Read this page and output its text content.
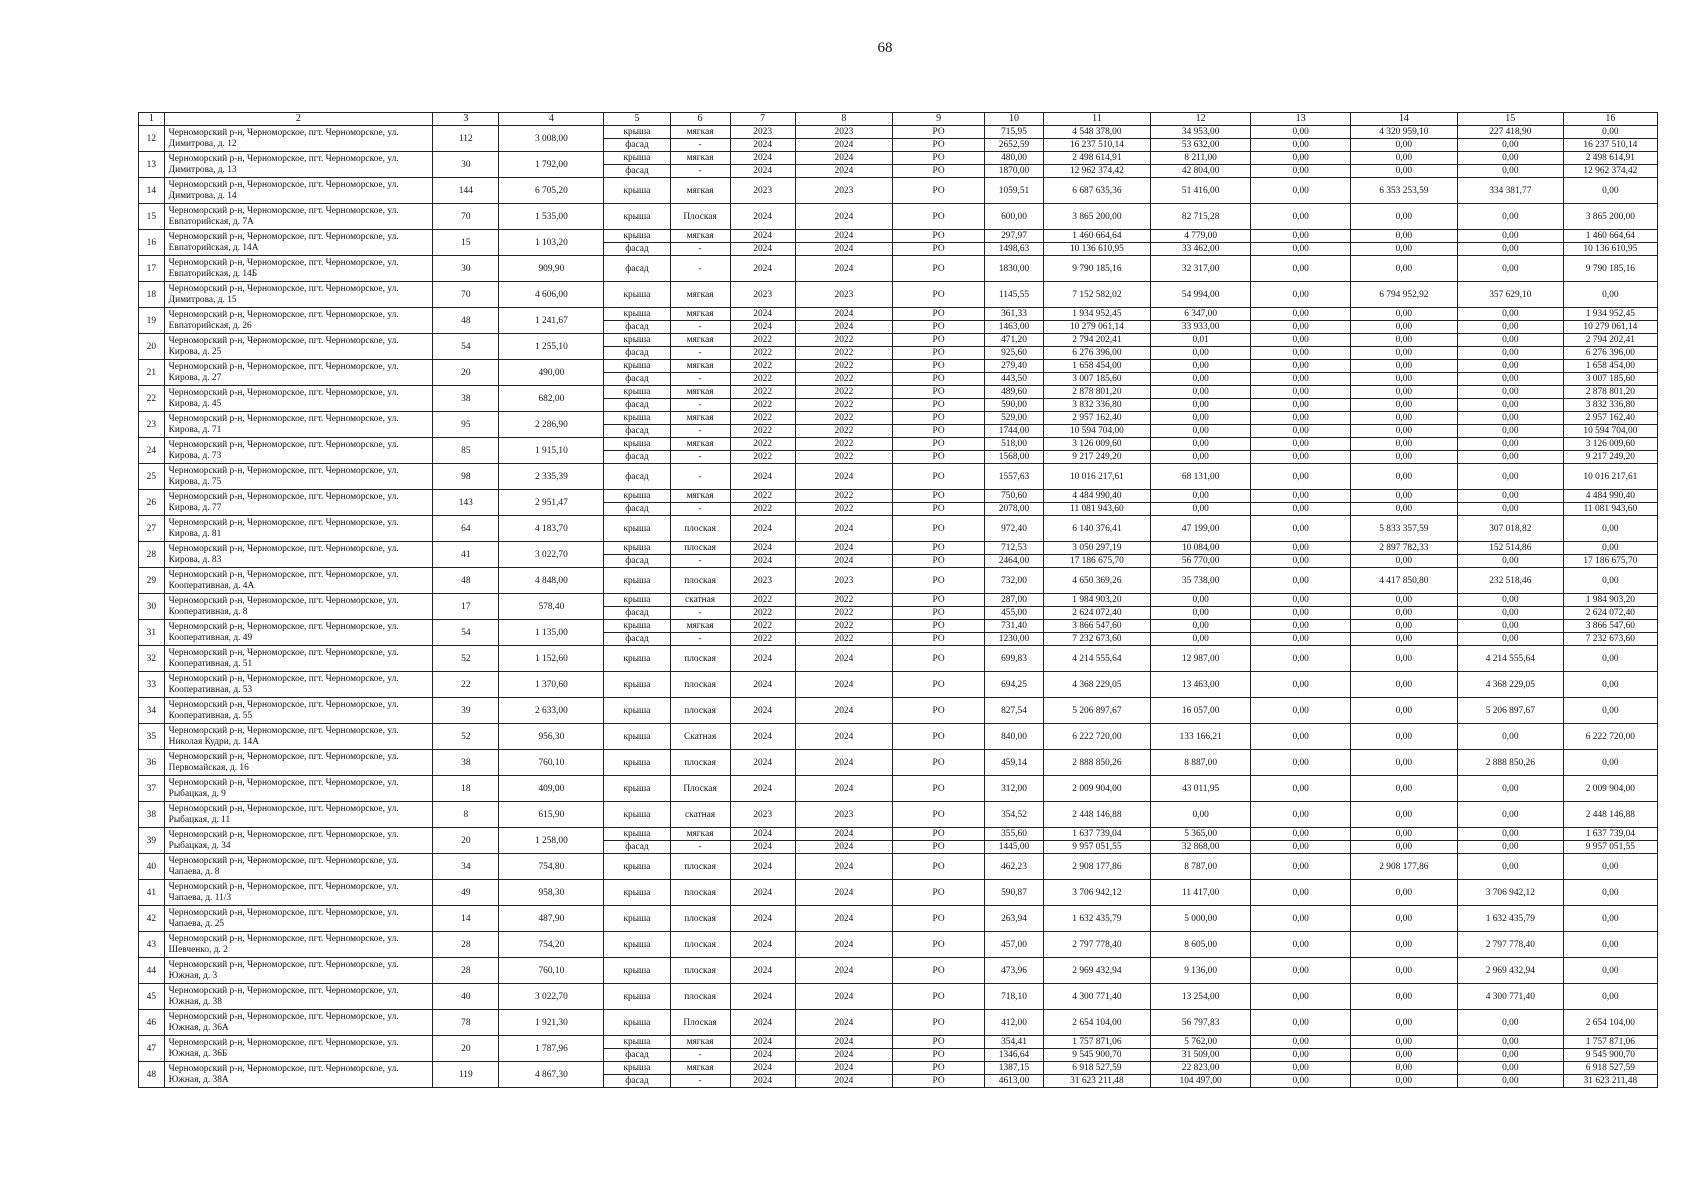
68
1	2	3	4	5	6	7	8	9	10	11	12	13	14	15	16
12	Черноморский р-н, Черноморское, пгт. Черноморское, ул. Димитрова, д. 12	112	3 008,00	крыша	мягкая	2023	2023	РО	715,95	4 548 378,00	34 953,00	0,00	4 320 959,10	227 418,90	0,00
				фасад	-	2024	2024	РО	2652,59	16 237 510,14	53 632,00	0,00	0,00	0,00	16 237 510,14
13	Черноморский р-н, Черноморское, пгт. Черноморское, ул. Димитрова, д. 13	30	1 792,00	крыша	мягкая	2024	2024	РО	480,00	2 498 614,91	8 211,00	0,00	0,00	0,00	2 498 614,91
				фасад	-	2024	2024	РО	1870,00	12 962 374,42	42 804,00	0,00	0,00	0,00	12 962 374,42
14	Черноморский р-н, Черноморское, пгт. Черноморское, ул. Димитрова, д. 14	144	6 705,20	крыша	мягкая	2023	2023	РО	1059,51	6 687 635,36	51 416,00	0,00	6 353 253,59	334 381,77	0,00
15	Черноморский р-н, Черноморское, пгт. Черноморское, ул. Евпаторийская, д. 7А	70	1 535,00	крыша	Плоская	2024	2024	РО	600,00	3 865 200,00	82 715,28	0,00	0,00	0,00	3 865 200,00
16	Черноморский р-н, Черноморское, пгт. Черноморское, ул. Евпаторийская, д. 14А	15	1 103,20	крыша	мягкая	2024	2024	РО	297,97	1 460 664,64	4 779,00	0,00	0,00	0,00	1 460 664,64
				фасад	-	2024	2024	РО	1498,63	10 136 610,95	33 462,00	0,00	0,00	0,00	10 136 610,95
17	Черноморский р-н, Черноморское, пгт. Черноморское, ул. Евпаторийская, д. 14Б	30	909,90	фасад	-	2024	2024	РО	1830,00	9 790 185,16	32 317,00	0,00	0,00	0,00	9 790 185,16
18	Черноморский р-н, Черноморское, пгт. Черноморское, ул. Димитрова, д. 15	70	4 606,00	крыша	мягкая	2023	2023	РО	1145,55	7 152 582,02	54 994,00	0,00	6 794 952,92	357 629,10	0,00
19	Черноморский р-н, Черноморское, пгт. Черноморское, ул. Евпаторийская, д. 26	48	1 241,67	крыша	мягкая	2024	2024	РО	361,33	1 934 952,45	6 347,00	0,00	0,00	0,00	1 934 952,45
				фасад	-	2024	2024	РО	1463,00	10 279 061,14	33 933,00	0,00	0,00	0,00	10 279 061,14
20	Черноморский р-н, Черноморское, пгт. Черноморское, ул. Кирова, д. 25	54	1 255,10	крыша	мягкая	2022	2022	РО	471,20	2 794 202,41	0,01	0,00	0,00	0,00	2 794 202,41
				фасад	-	2022	2022	РО	925,60	6 276 396,00	0,00	0,00	0,00	0,00	6 276 396,00
21	Черноморский р-н, Черноморское, пгт. Черноморское, ул. Кирова, д. 27	20	490,00	крыша	мягкая	2022	2022	РО	279,40	1 658 454,00	0,00	0,00	0,00	0,00	1 658 454,00
				фасад	-	2022	2022	РО	443,50	3 007 185,60	0,00	0,00	0,00	0,00	3 007 185,60
22	Черноморский р-н, Черноморское, пгт. Черноморское, ул. Кирова, д. 45	38	682,00	крыша	мягкая	2022	2022	РО	489,60	2 878 801,20	0,00	0,00	0,00	0,00	2 878 801,20
				фасад	-	2022	2022	РО	590,00	3 832 336,80	0,00	0,00	0,00	0,00	3 832 336,80
23	Черноморский р-н, Черноморское, пгт. Черноморское, ул. Кирова, д. 71	95	2 286,90	крыша	мягкая	2022	2022	РО	529,00	2 957 162,40	0,00	0,00	0,00	0,00	2 957 162,40
				фасад	-	2022	2022	РО	1744,00	10 594 704,00	0,00	0,00	0,00	0,00	10 594 704,00
24	Черноморский р-н, Черноморское, пгт. Черноморское, ул. Кирова, д. 73	85	1 915,10	крыша	мягкая	2022	2022	РО	518,00	3 126 009,60	0,00	0,00	0,00	0,00	3 126 009,60
				фасад	-	2022	2022	РО	1568,00	9 217 249,20	0,00	0,00	0,00	0,00	9 217 249,20
25	Черноморский р-н, Черноморское, пгт. Черноморское, ул. Кирова, д. 75	98	2 335,39	фасад	-	2024	2024	РО	1557,63	10 016 217,61	68 131,00	0,00	0,00	0,00	10 016 217,61
26	Черноморский р-н, Черноморское, пгт. Черноморское, ул. Кирова, д. 77	143	2 951,47	крыша	мягкая	2022	2022	РО	750,60	4 484 990,40	0,00	0,00	0,00	0,00	4 484 990,40
				фасад	-	2022	2022	РО	2078,00	11 081 943,60	0,00	0,00	0,00	0,00	11 081 943,60
27	Черноморский р-н, Черноморское, пгт. Черноморское, ул. Кирова, д. 81	64	4 183,70	крыша	плоская	2024	2024	РО	972,40	6 140 376,41	47 199,00	0,00	5 833 357,59	307 018,82	0,00
28	Черноморский р-н, Черноморское, пгт. Черноморское, ул. Кирова, д. 83	41	3 022,70	крыша	плоская	2024	2024	РО	712,53	3 050 297,19	10 084,00	0,00	2 897 782,33	152 514,86	0,00
				фасад	-	2024	2024	РО	2464,00	17 186 675,70	56 770,00	0,00	0,00	0,00	17 186 675,70
29	Черноморский р-н, Черноморское, пгт. Черноморское, ул. Кооперативная, д. 4А	48	4 848,00	крыша	плоская	2023	2023	РО	732,00	4 650 369,26	35 738,00	0,00	4 417 850,80	232 518,46	0,00
30	Черноморский р-н, Черноморское, пгт. Черноморское, ул. Кооперативная, д. 8	17	578,40	крыша	скатная	2022	2022	РО	287,00	1 984 903,20	0,00	0,00	0,00	0,00	1 984 903,20
				фасад	-	2022	2022	РО	455,00	2 624 072,40	0,00	0,00	0,00	0,00	2 624 072,40
31	Черноморский р-н, Черноморское, пгт. Черноморское, ул. Кооперативная, д. 49	54	1 135,00	крыша	мягкая	2022	2022	РО	731,40	3 866 547,60	0,00	0,00	0,00	0,00	3 866 547,60
				фасад	-	2022	2022	РО	1230,00	7 232 673,60	0,00	0,00	0,00	0,00	7 232 673,60
32	Черноморский р-н, Черноморское, пгт. Черноморское, ул. Кооперативная, д. 51	52	1 152,60	крыша	плоская	2024	2024	РО	699,83	4 214 555,64	12 987,00	0,00	0,00	4 214 555,64	0,00
33	Черноморский р-н, Черноморское, пгт. Черноморское, ул. Кооперативная, д. 53	22	1 370,60	крыша	плоская	2024	2024	РО	694,25	4 368 229,05	13 463,00	0,00	0,00	4 368 229,05	0,00
34	Черноморский р-н, Черноморское, пгт. Черноморское, ул. Кооперативная, д. 55	39	2 633,00	крыша	плоская	2024	2024	РО	827,54	5 206 897,67	16 057,00	0,00	0,00	5 206 897,67	0,00
35	Черноморский р-н, Черноморское, пгт. Черноморское, ул. Николая Кудри, д. 14А	52	956,30	крыша	Скатная	2024	2024	РО	840,00	6 222 720,00	133 166,21	0,00	0,00	0,00	6 222 720,00
36	Черноморский р-н, Черноморское, пгт. Черноморское, ул. Первомайская, д. 16	38	760,10	крыша	плоская	2024	2024	РО	459,14	2 888 850,26	8 887,00	0,00	0,00	2 888 850,26	0,00
37	Черноморский р-н, Черноморское, пгт. Черноморское, ул. Рыбацкая, д. 9	18	409,00	крыша	Плоская	2024	2024	РО	312,00	2 009 904,00	43 011,95	0,00	0,00	0,00	2 009 904,00
38	Черноморский р-н, Черноморское, пгт. Черноморское, ул. Рыбацкая, д. 11	8	615,90	крыша	скатная	2023	2023	РО	354,52	2 448 146,88	0,00	0,00	0,00	0,00	2 448 146,88
39	Черноморский р-н, Черноморское, пгт. Черноморское, ул. Рыбацкая, д. 34	20	1 258,00	крыша	мягкая	2024	2024	РО	355,60	1 637 739,04	5 365,00	0,00	0,00	0,00	1 637 739,04
				фасад	-	2024	2024	РО	1445,00	9 957 051,55	32 868,00	0,00	0,00	0,00	9 957 051,55
40	Черноморский р-н, Черноморское, пгт. Черноморское, ул. Чапаева, д. 8	34	754,80	крыша	плоская	2024	2024	РО	462,23	2 908 177,86	8 787,00	0,00	2 908 177,86	0,00	0,00
41	Черноморский р-н, Черноморское, пгт. Черноморское, ул. Чапаева, д. 11/3	49	958,30	крыша	плоская	2024	2024	РО	590,87	3 706 942,12	11 417,00	0,00	0,00	3 706 942,12	0,00
42	Черноморский р-н, Черноморское, пгт. Черноморское, ул. Чапаева, д. 25	14	487,90	крыша	плоская	2024	2024	РО	263,94	1 632 435,79	5 000,00	0,00	0,00	1 632 435,79	0,00
43	Черноморский р-н, Черноморское, пгт. Черноморское, ул. Шевченко, д. 2	28	754,20	крыша	плоская	2024	2024	РО	457,00	2 797 778,40	8 605,00	0,00	0,00	2 797 778,40	0,00
44	Черноморский р-н, Черноморское, пгт. Черноморское, ул. Южная, д. 3	28	760,10	крыша	плоская	2024	2024	РО	473,96	2 969 432,94	9 136,00	0,00	0,00	2 969 432,94	0,00
45	Черноморский р-н, Черноморское, пгт. Черноморское, ул. Южная, д. 38	40	3 022,70	крыша	плоская	2024	2024	РО	718,10	4 300 771,40	13 254,00	0,00	0,00	4 300 771,40	0,00
46	Черноморский р-н, Черноморское, пгт. Черноморское, ул. Южная, д. 36А	78	1 921,30	крыша	Плоская	2024	2024	РО	412,00	2 654 104,00	56 797,83	0,00	0,00	0,00	2 654 104,00
47	Черноморский р-н, Черноморское, пгт. Черноморское, ул. Южная, д. 36Б	20	1 787,96	крыша	мягкая	2024	2024	РО	354,41	1 757 871,06	5 762,00	0,00	0,00	0,00	1 757 871,06
				фасад	-	2024	2024	РО	1346,64	9 545 900,70	31 509,00	0,00	0,00	0,00	9 545 900,70
48	Черноморский р-н, Черноморское, пгт. Черноморское, ул. Южная, д. 38А	119	4 867,30	крыша	мягкая	2024	2024	РО	1387,15	6 918 527,59	22 823,00	0,00	0,00	0,00	6 918 527,59
				фасад	-	2024	2024	РО	4613,00	31 623 211,48	104 497,00	0,00	0,00	0,00	31 623 211,48
